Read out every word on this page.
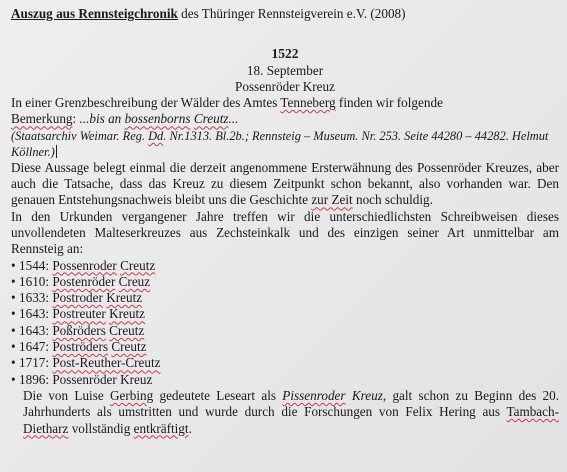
Auszug aus Rennsteigchronik des Thüringer Rennsteigverein e.V. (2008)

1522

18. September

Possenröder Kreuz

In einer Grenzbeschreibung der Wälder des Amtes Tenneberg finden wir folgende
Bemerkung: ...bis an bossenborns Creutz...

(Staatsarchiv Weimar. Reg. Dd. Nr.1313. Bl.2b.; Rennsteig – Museum. Nr. 253. Seite 44280 – 44282. Helmut Köllner.)

Diese Aussage belegt einmal die derzeit angenommene Ersterwähnung des Possenröder Kreuzes, aber auch die Tatsache, dass das Kreuz zu diesem Zeitpunkt schon bekannt, also vorhanden war. Den genauen Entstehungsnachweis bleibt uns die Geschichte zur Zeit noch schuldig.

In den Urkunden vergangener Jahre treffen wir die unterschiedlichsten Schreibweisen dieses unvollendeten Malteserkreuzes aus Zechsteinkalk und des einzigen seiner Art unmittelbar am Rennsteig an:

• 1544: Possenroder Creutz
• 1610: Postenröder Creuz
• 1633: Postroder Kreutz
• 1643: Postreuter Kreutz
• 1643: Poßröders Creutz
• 1647: Poströders Creutz
• 1717: Post-Reuther-Creutz
• 1896: Possenröder Kreuz

Die von Luise Gerbing gedeutete Leseart als Pissenroder Kreuz, galt schon zu Beginn des 20. Jahrhunderts als umstritten und wurde durch die Forschungen von Felix Hering aus Tambach-Dietharz vollständig entkräftigt.
